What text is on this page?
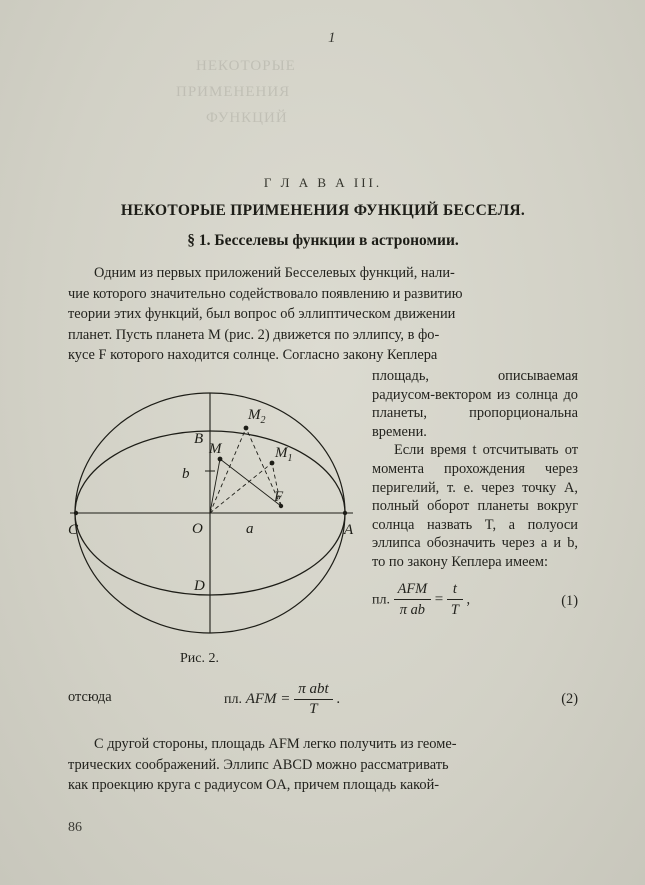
НЕКОТОРЫЕ
ПРИМЕНЕНИЯ
ФУНКЦИЙ
1
Г Л А В А III.
НЕКОТОРЫЕ ПРИМЕНЕНИЯ ФУНКЦИЙ БЕССЕЛЯ.
§ 1. Бесселевы функции в астрономии.

Одним из первых приложений Бесселевых функций, нали-

чие которого значительно содействовало появлению и развитию

теории этих функций, был вопрос об эллиптическом движении

планет. Пусть планета M (рис. 2) движется по эллипсу, в фо-

кусе F которого находится солнце. Согласно закону Кеплера

B
D
C	A
O
F
M
$M_2$
$M_1$
b
a
Рис. 2.
площадь, описываемая радиусом-вектором из солнца до планеты, пропорциональна времени.
Если время t отсчитывать от момента прохождения через перигелий, т. е. через точку A, полный оборот планеты вокруг солнца назвать T, а полуоси эллипса обозначить через a и b, то по закону Кеплера имеем:
пл. $\frac{\text{AFM}}{\text{π ab}} = \frac{t}{T}$ ,	(1)
отсюда	пл. AFM = $\frac{\text{π abt}}{T}$ .	(2)

С другой стороны, площадь AFM легко получить из геоме-

трических соображений. Эллипс ABCD можно рассматривать

как проекцию круга с радиусом OA, причем площадь какой-

86
